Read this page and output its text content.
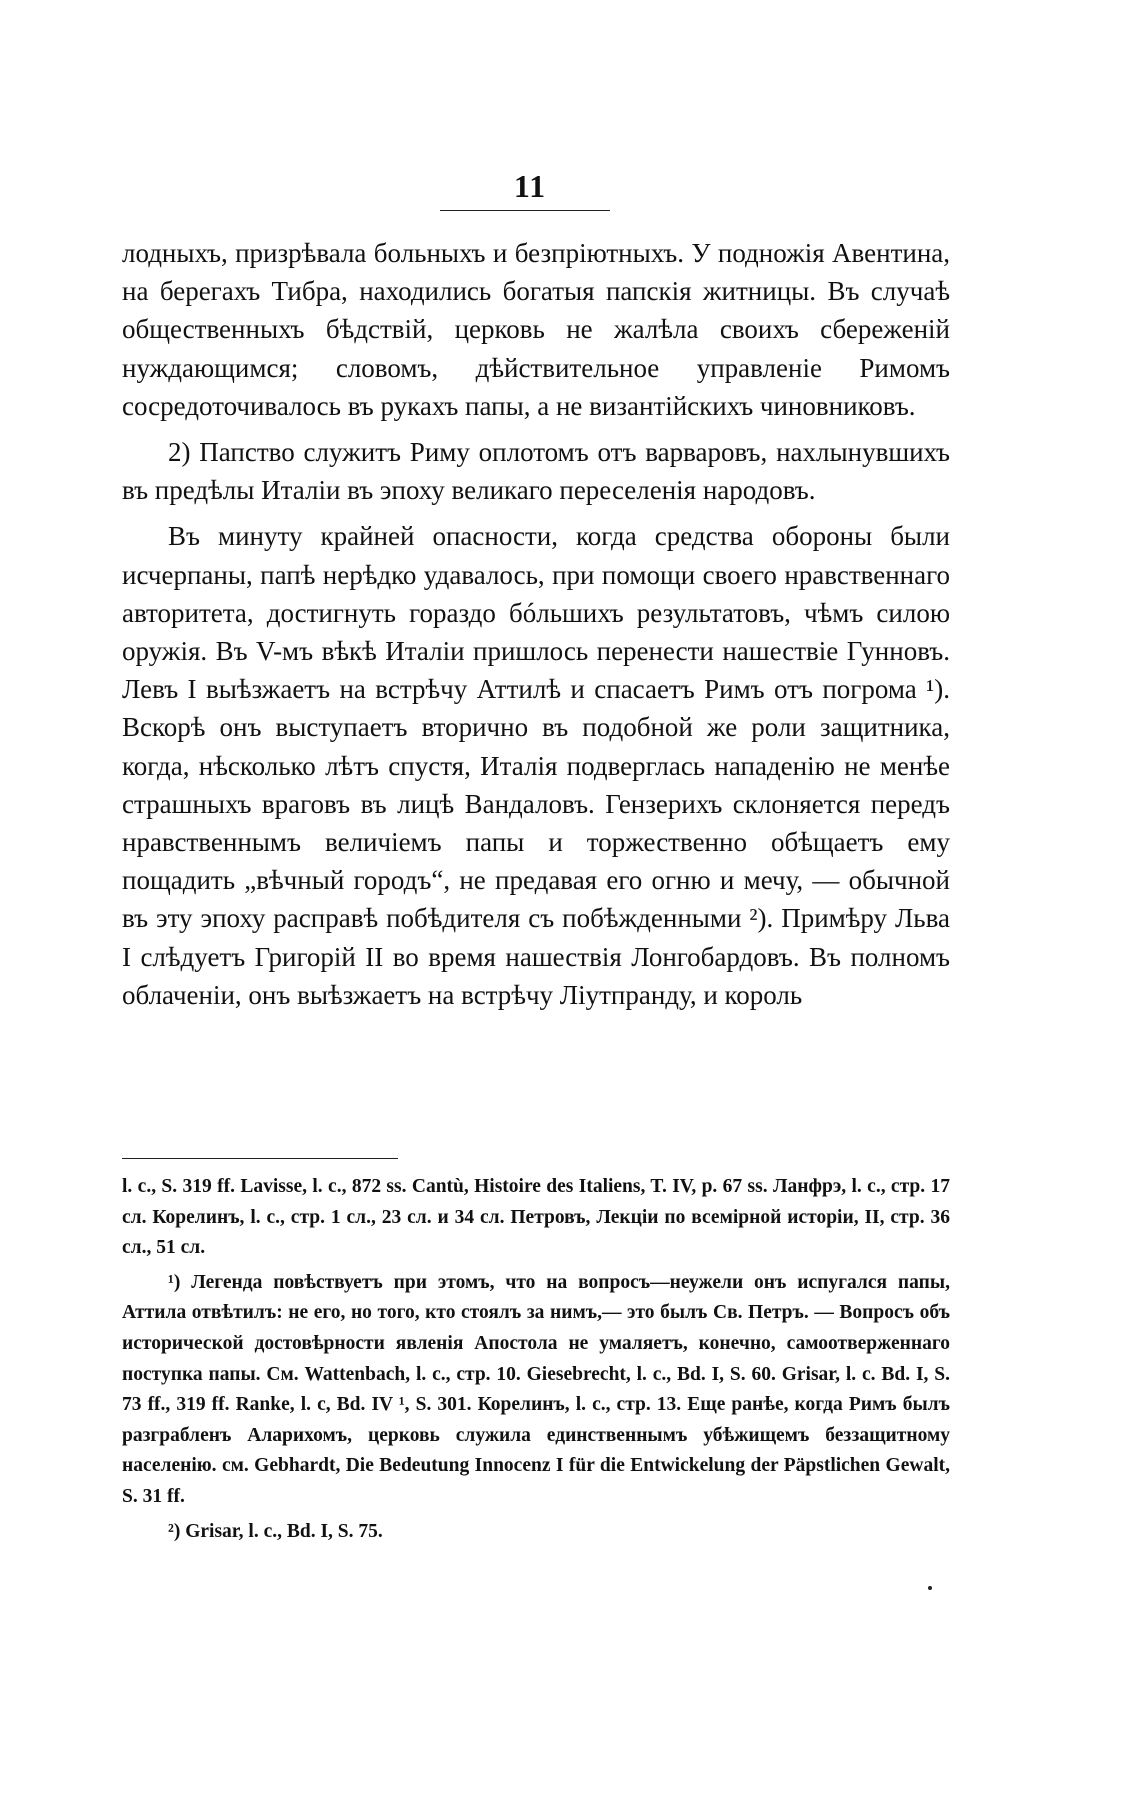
11

лодныхъ, призрѣвала больныхъ и безпріютныхъ. У подножія Авентина, на берегахъ Тибра, находились богатыя папскія житницы. Въ случаѣ общественныхъ бѣдствій, церковь не жалѣла своихъ сбереженій нуждающимся; словомъ, дѣйствительное управленіе Римомъ сосредоточивалось въ рукахъ папы, а не византійскихъ чиновниковъ.

2) Папство служитъ Риму оплотомъ отъ варваровъ, нахлынувшихъ въ предѣлы Италіи въ эпоху великаго переселенія народовъ.

Въ минуту крайней опасности, когда средства обороны были исчерпаны, папѣ нерѣдко удавалось, при помощи своего нравственнаго авторитета, достигнуть гораздо бóльшихъ результатовъ, чѣмъ силою оружія. Въ V-мъ вѣкѣ Италіи пришлось перенести нашествіе Гунновъ. Левъ I выѣзжаетъ на встрѣчу Аттилѣ и спасаетъ Римъ отъ погрома ¹). Вскорѣ онъ выступаетъ вторично въ подобной же роли защитника, когда, нѣсколько лѣтъ спустя, Италія подверглась нападенію не менѣе страшныхъ враговъ въ лицѣ Вандаловъ. Гензерихъ склоняется передъ нравственнымъ величіемъ папы и торжественно обѣщаетъ ему пощадить „вѣчный городъ“, не предавая его огню и мечу, — обычной въ эту эпоху расправѣ побѣдителя съ побѣжденными ²). Примѣру Льва I слѣдуетъ Григорій II во время нашествія Лонгобардовъ. Въ полномъ облаченіи, онъ выѣзжаетъ на встрѣчу Ліутпранду, и король

l. c., S. 319 ff. Lavisse, l. c., 872 ss. Cantù, Histoire des Italiens, T. IV, p. 67 ss. Ланфрэ, l. c., стр. 17 сл. Корелинъ, l. c., стр. 1 сл., 23 сл. и 34 сл. Петровъ, Лекціи по всемірной исторіи, II, стр. 36 сл., 51 сл.

¹) Легенда повѣствуетъ при этомъ, что на вопросъ—неужели онъ испугался папы, Аттила отвѣтилъ: не его, но того, кто стоялъ за нимъ,— это былъ Св. Петръ. — Вопросъ объ исторической достовѣрности явленія Апостола не умаляетъ, конечно, самоотверженнаго поступка папы. См. Wattenbach, l. c., стр. 10. Giesebrecht, l. c., Bd. I, S. 60. Grisar, l. c. Bd. I, S. 73 ff., 319 ff. Ranke, l. c, Bd. IV ¹, S. 301. Корелинъ, l. c., стр. 13. Еще ранѣе, когда Римъ былъ разграбленъ Аларихомъ, церковь служила единственнымъ убѣжищемъ беззащитному населенію. см. Gebhardt, Die Bedeutung Innocenz I für die Entwickelung der Päpstlichen Gewalt, S. 31 ff.

²) Grisar, l. c., Bd. I, S. 75.
